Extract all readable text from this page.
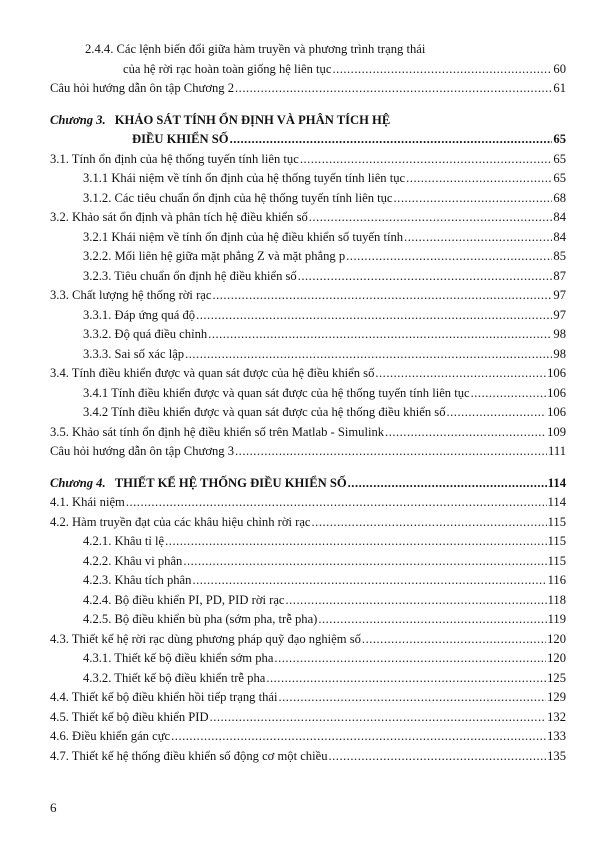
2.4.4. Các lệnh biến đổi giữa hàm truyền và phương trình trạng thái
của hệ rời rạc hoàn toàn giống hệ liên tục .....	60
Câu hỏi hướng dẫn ôn tập Chương 2 .....	61
Chương 3. KHẢO SÁT TÍNH ỔN ĐỊNH VÀ PHÂN TÍCH HỆ
ĐIỀU KHIỂN SỐ .....	65
3.1. Tính ổn định của hệ thống tuyến tính liên tục .....	65
3.1.1 Khái niệm về tính ổn định của hệ thống tuyến tính liên tục .....	65
3.1.2. Các tiêu chuẩn ổn định của hệ thống tuyến tính liên tục .....	68
3.2. Khảo sát ổn định và phân tích hệ điều khiển số .....	84
3.2.1 Khái niệm về tính ổn định của hệ điều khiển số tuyến tính .....	84
3.2.2. Mối liên hệ giữa mặt phẳng Z và mặt phẳng p .....	85
3.2.3. Tiêu chuẩn ổn định hệ điều khiển số .....	87
3.3. Chất lượng hệ thống rời rạc .....	97
3.3.1. Đáp ứng quá độ .....	97
3.3.2. Độ quá điều chỉnh .....	98
3.3.3. Sai số xác lập .....	98
3.4. Tính điều khiển được và quan sát được của hệ điều khiển số .....	106
3.4.1 Tính điều khiển được và quan sát được của hệ thống tuyến tính liên tục .....	106
3.4.2 Tính điều khiển được và quan sát được của hệ thống điều khiển số .....	106
3.5. Khảo sát tính ổn định hệ điều khiển số trên Matlab - Simulink .....	109
Câu hỏi hướng dẫn ôn tập Chương 3 .....	111
Chương 4. THIẾT KẾ HỆ THỐNG ĐIỀU KHIỂN SỐ .....	114
4.1. Khái niệm .....	114
4.2. Hàm truyền đạt của các khâu hiệu chỉnh rời rạc .....	115
4.2.1. Khâu tỉ lệ .....	115
4.2.2. Khâu vi phân .....	115
4.2.3. Khâu tích phân .....	116
4.2.4. Bộ điều khiển PI, PD, PID rời rạc .....	118
4.2.5. Bộ điều khiển bù pha (sớm pha, trễ pha) .....	119
4.3. Thiết kế hệ rời rạc dùng phương pháp quỹ đạo nghiệm số .....	120
4.3.1. Thiết kế bộ điều khiển sớm pha .....	120
4.3.2. Thiết kế bộ điều khiển trễ pha .....	125
4.4. Thiết kế bộ điều khiển hồi tiếp trạng thái .....	129
4.5. Thiết kế bộ điều khiển PID .....	132
4.6. Điều khiển gán cực .....	133
4.7. Thiết kế hệ thống điều khiển số động cơ một chiều .....	135
6
